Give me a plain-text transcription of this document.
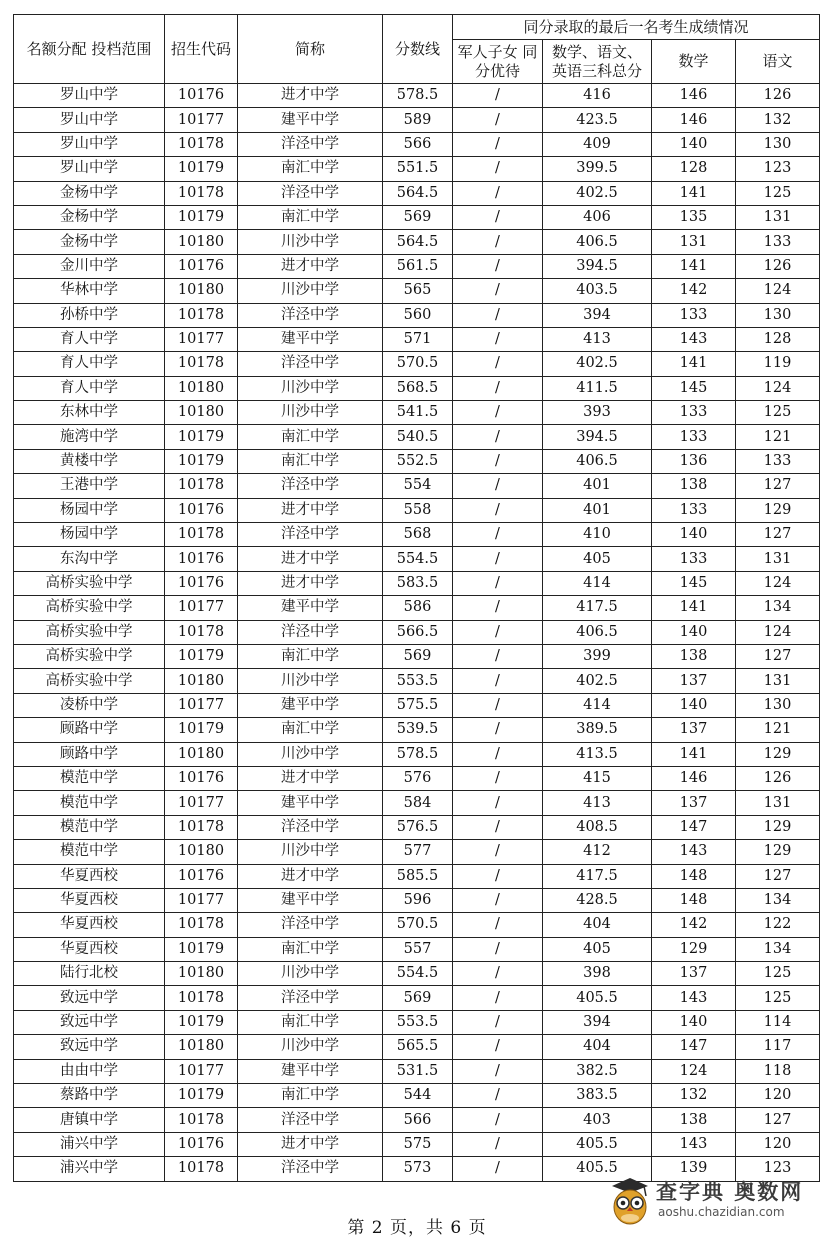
名额分配 投档范围	招生代码	简称	分数线	同分录取的最后一名考生成绩情况			

				军人子女 同分优待	数学、语文、 英语三科总分	数学	语文
罗山中学	10176	进才中学	578.5	/	416	146	126
罗山中学	10177	建平中学	589	/	423.5	146	132
罗山中学	10178	洋泾中学	566	/	409	140	130
罗山中学	10179	南汇中学	551.5	/	399.5	128	123
金杨中学	10178	洋泾中学	564.5	/	402.5	141	125
金杨中学	10179	南汇中学	569	/	406	135	131
金杨中学	10180	川沙中学	564.5	/	406.5	131	133
金川中学	10176	进才中学	561.5	/	394.5	141	126
华林中学	10180	川沙中学	565	/	403.5	142	124
孙桥中学	10178	洋泾中学	560	/	394	133	130
育人中学	10177	建平中学	571	/	413	143	128
育人中学	10178	洋泾中学	570.5	/	402.5	141	119
育人中学	10180	川沙中学	568.5	/	411.5	145	124
东林中学	10180	川沙中学	541.5	/	393	133	125
施湾中学	10179	南汇中学	540.5	/	394.5	133	121
黄楼中学	10179	南汇中学	552.5	/	406.5	136	133
王港中学	10178	洋泾中学	554	/	401	138	127
杨园中学	10176	进才中学	558	/	401	133	129
杨园中学	10178	洋泾中学	568	/	410	140	127
东沟中学	10176	进才中学	554.5	/	405	133	131
高桥实验中学	10176	进才中学	583.5	/	414	145	124
高桥实验中学	10177	建平中学	586	/	417.5	141	134
高桥实验中学	10178	洋泾中学	566.5	/	406.5	140	124
高桥实验中学	10179	南汇中学	569	/	399	138	127
高桥实验中学	10180	川沙中学	553.5	/	402.5	137	131
凌桥中学	10177	建平中学	575.5	/	414	140	130
顾路中学	10179	南汇中学	539.5	/	389.5	137	121
顾路中学	10180	川沙中学	578.5	/	413.5	141	129
模范中学	10176	进才中学	576	/	415	146	126
模范中学	10177	建平中学	584	/	413	137	131
模范中学	10178	洋泾中学	576.5	/	408.5	147	129
模范中学	10180	川沙中学	577	/	412	143	129
华夏西校	10176	进才中学	585.5	/	417.5	148	127
华夏西校	10177	建平中学	596	/	428.5	148	134
华夏西校	10178	洋泾中学	570.5	/	404	142	122
华夏西校	10179	南汇中学	557	/	405	129	134
陆行北校	10180	川沙中学	554.5	/	398	137	125
致远中学	10178	洋泾中学	569	/	405.5	143	125
致远中学	10179	南汇中学	553.5	/	394	140	114
致远中学	10180	川沙中学	565.5	/	404	147	117
由由中学	10177	建平中学	531.5	/	382.5	124	118
蔡路中学	10179	南汇中学	544	/	383.5	132	120
唐镇中学	10178	洋泾中学	566	/	403	138	127
浦兴中学	10176	进才中学	575	/	405.5	143	120
浦兴中学	10178	洋泾中学	573	/	405.5	139	123
第 2 页，共 6 页
查字典 奥数网
aoshu.chazidian.com
